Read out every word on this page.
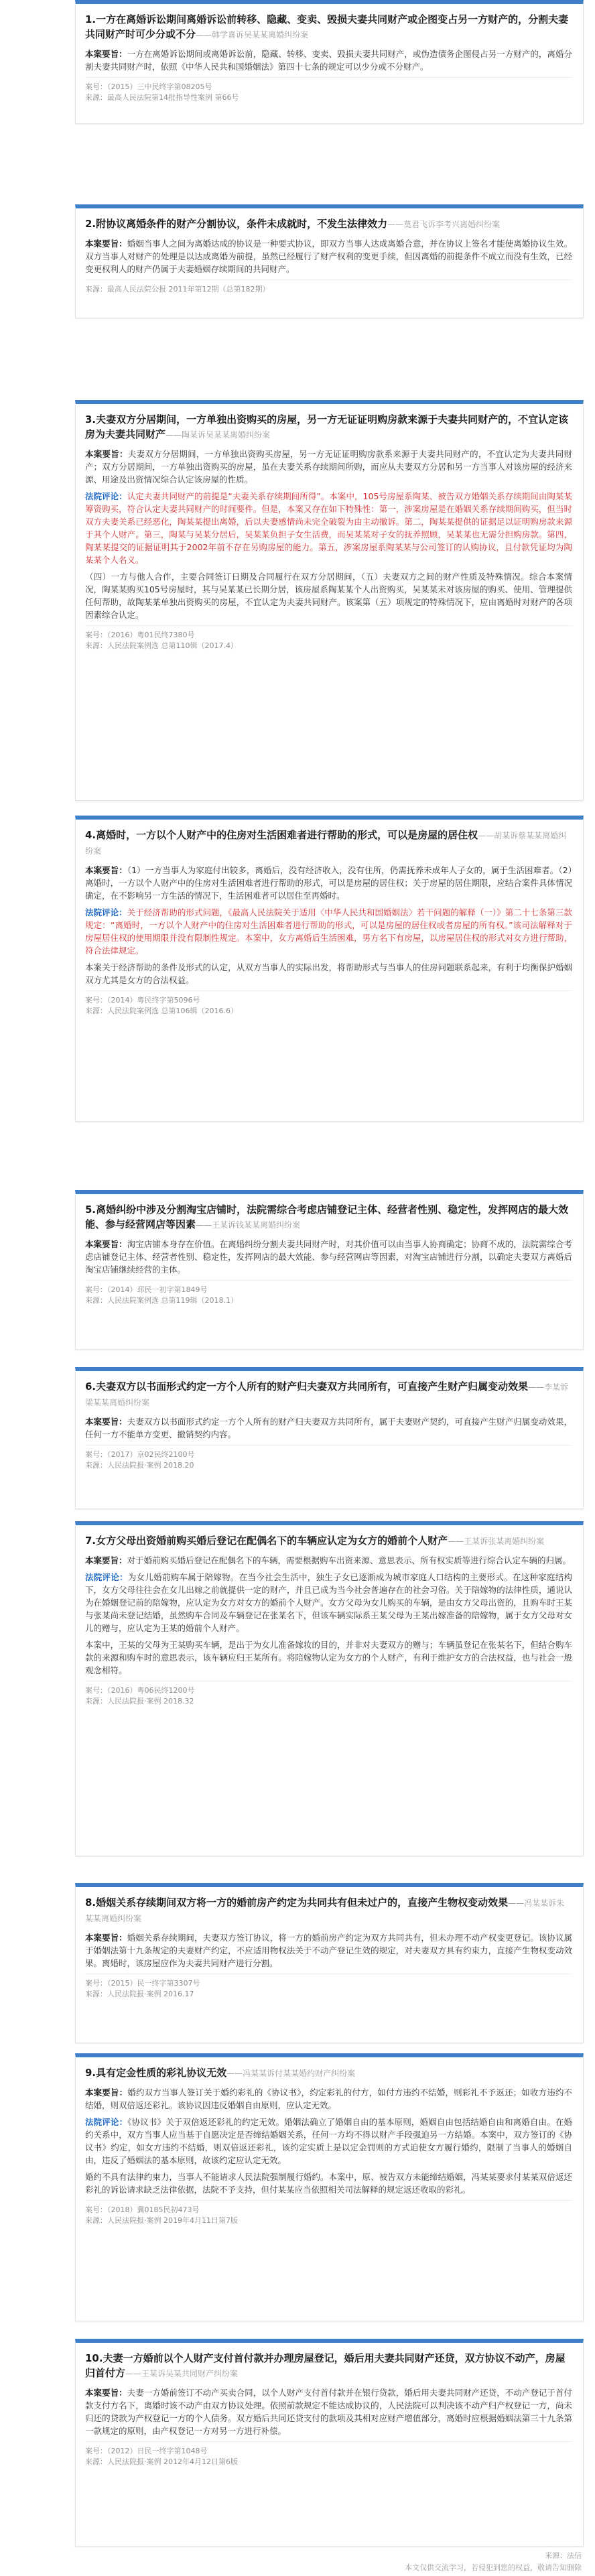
1.一方在离婚诉讼期间离婚诉讼前转移、隐藏、变卖、毁损夫妻共同财产或企图变占另一方财产的，分割夫妻共同财产时可少分或不分——韩学喜诉吴某某离婚纠纷案
本案要旨：一方在离婚诉讼期间或离婚诉讼前，隐藏、转移、变卖、毁损夫妻共同财产，或伪造债务企图侵占另一方财产的，离婚分割夫妻共同财产时，依照《中华人民共和国婚姻法》第四十七条的规定可以少分或不分财产。
案号：（2015）三中民终字第08205号
来源：最高人民法院第14批指导性案例 第66号
2.附协议离婚条件的财产分割协议，条件未成就时，不发生法律效力——莫君飞诉李考兴离婚纠纷案
本案要旨：婚姻当事人之间为离婚达成的协议是一种要式协议，即双方当事人达成离婚合意，并在协议上签名才能使离婚协议生效。双方当事人对财产的处理是以达成离婚为前提，虽然已经履行了财产权利的变更手续，但因离婚的前提条件不成立而没有生效，已经变更权利人的财产仍属于夫妻婚姻存续期间的共同财产。
来源：最高人民法院公报 2011年第12期（总第182期）
3.夫妻双方分居期间，一方单独出资购买的房屋，另一方无证证明购房款来源于夫妻共同财产的，不宜认定该房为夫妻共同财产——陶某诉吴某某离婚纠纷案
本案要旨：夫妻双方分居期间，一方单独出资购买房屋，另一方无证证明购房款系来源于夫妻共同财产的，不宜认定为夫妻共同财产；双方分居期间，一方单独出资购买的房屋，虽在夫妻关系存续期间所购，而应从夫妻双方分居和另一方当事人对该房屋的经济来源、用途及出资情况综合认定该房屋的性质。
法院评论：认定夫妻共同财产的前提是“夫妻关系存续期间所得”。本案中，105号房屋系陶某、被告双方婚姻关系存续期间由陶某某筹资购买，符合认定夫妻共同财产的时间要件。但是，本案又存在如下特殊性：第一，涉案房屋是在婚姻关系存续期间购买，但当时双方夫妻关系已经恶化，陶某某提出离婚，后以夫妻感情尚未完全破裂为由主动撤诉。第二，陶某某提供的证据足以证明购房款来源于其个人财产。第三，陶某与吴某分居后，吴某某负担子女生活费，而吴某某对子女的抚养照顾，吴某某也无需分担购房款。第四，陶某某提交的证据证明其于2002年前不存在另购房屋的能力。第五，涉案房屋系陶某某与公司签订的认购协议，且付款凭证均为陶某某个人名义。
（四）一方与他人合作，主要合同签订日期及合同履行在双方分居期间，（五）夫妻双方之间的财产性质及特殊情况。综合本案情况，陶某某购买105号房屋时，其与吴某某已长期分居，该房屋系陶某某个人出资购买，吴某某未对该房屋的购买、使用、管理提供任何帮助，故陶某某单独出资购买的房屋，不宜认定为夫妻共同财产。该案第（五）项规定的特殊情况下，应由离婚时对财产的各项因素综合认定。
案号：（2016）粤01民终7380号
来源：人民法院案例选 总第110辑（2017.4）
4.离婚时，一方以个人财产中的住房对生活困难者进行帮助的形式，可以是房屋的居住权——胡某诉蔡某某离婚纠纷案
本案要旨：（1）一方当事人为家庭付出较多，离婚后，没有经济收入，没有住所，仍需抚养未成年人子女的，属于生活困难者。（2）离婚时，一方以个人财产中的住房对生活困难者进行帮助的形式，可以是房屋的居住权；关于房屋的居住期限，应结合案件具体情况确定，在不影响另一方生活的情况下，生活困难者可以居住至再婚时。
法院评论：关于经济帮助的形式问题，《最高人民法院关于适用〈中华人民共和国婚姻法〉若干问题的解释（一）》第二十七条第三款规定：“离婚时，一方以个人财产中的住房对生活困难者进行帮助的形式，可以是房屋的居住权或者房屋的所有权。”该司法解释对于房屋居住权的使用期限并没有限制性规定。本案中，女方离婚后生活困难，男方名下有房屋，以房屋居住权的形式对女方进行帮助，符合法律规定。
本案关于经济帮助的条件及形式的认定，从双方当事人的实际出发，将帮助形式与当事人的住房问题联系起来，有利于均衡保护婚姻双方尤其是女方的合法权益。
案号：（2014）粤民终字第5096号
来源：人民法院案例选 总第106辑（2016.6）
5.离婚纠纷中涉及分割淘宝店铺时，法院需综合考虑店铺登记主体、经营者性别、稳定性，发挥网店的最大效能、参与经营网店等因素——王某诉钱某某离婚纠纷案
本案要旨：淘宝店铺本身存在价值。在离婚纠纷分割夫妻共同财产时，对其价值可以由当事人协商确定；协商不成的，法院需综合考虑店铺登记主体、经营者性别、稳定性，发挥网店的最大效能、参与经营网店等因素，对淘宝店铺进行分割，以确定夫妻双方离婚后淘宝店铺继续经营的主体。
案号：（2014）邳民一初字第1849号
来源：人民法院案例选 总第119辑（2018.1）
6.夫妻双方以书面形式约定一方个人所有的财产归夫妻双方共同所有，可直接产生财产归属变动效果——李某诉梁某某离婚纠纷案
本案要旨：夫妻双方以书面形式约定一方个人所有的财产归夫妻双方共同所有，属于夫妻财产契约，可直接产生财产归属变动效果，任何一方不能单方变更、撤销契约内容。
案号：（2017）京02民终2100号
来源：人民法院报·案例 2018.20
7.女方父母出资婚前购买婚后登记在配偶名下的车辆应认定为女方的婚前个人财产——王某诉张某离婚纠纷案
本案要旨：对于婚前购买婚后登记在配偶名下的车辆，需要根据购车出资来源、意思表示、所有权实质等进行综合认定车辆的归属。
法院评论：为女儿婚前购车属于陪嫁物。在当今社会生活中，独生子女已逐渐成为城市家庭人口结构的主要形式。在这种家庭结构下，女方父母往往会在女儿出嫁之前就提供一定的财产，并且已成为当今社会普遍存在的社会习俗。关于陪嫁物的法律性质，通说认为在婚姻登记前的陪嫁物，应认定为女方对女方的婚前个人财产。女方父母为女儿购买的车辆，是由女方父母出资的，且购车时王某与张某尚未登记结婚，虽然购车合同及车辆登记在张某名下，但该车辆实际系王某父母为王某出嫁准备的陪嫁物，属于女方父母对女儿的赠与，应认定为王某的婚前个人财产。
本案中，王某的父母为王某购买车辆，是出于为女儿准备嫁妆的目的，并非对夫妻双方的赠与；车辆虽登记在张某名下，但结合购车款的来源和购车时的意思表示，该车辆应归王某所有。将陪嫁物认定为女方的个人财产，有利于维护女方的合法权益，也与社会一般观念相符。
案号：（2016）粤06民终1200号
来源：人民法院报·案例 2018.32
8.婚姻关系存续期间双方将一方的婚前房产约定为共同共有但未过户的，直接产生物权变动效果——冯某某诉朱某某离婚纠纷案
本案要旨：婚姻关系存续期间，夫妻双方签订协议，将一方的婚前房产约定为双方共同共有，但未办理不动产权变更登记。该协议属于婚姻法第十九条规定的夫妻财产约定，不应适用物权法关于不动产登记生效的规定，对夫妻双方具有约束力，直接产生物权变动效果。离婚时，该房屋应作为夫妻共同财产进行分割。
案号：（2015）民一终字第3307号
来源：人民法院报·案例 2016.17
9.具有定金性质的彩礼协议无效——冯某某诉付某某婚约财产纠纷案
本案要旨：婚约双方当事人签订关于婚约彩礼的《协议书》，约定彩礼的付方，如付方违约不结婚，则彩礼不予返还；如收方违约不结婚，则双倍返还彩礼。该协议因违反婚姻自由原则，应认定无效。
法院评论：《协议书》关于双倍返还彩礼的约定无效。婚姻法确立了婚姻自由的基本原则，婚姻自由包括结婚自由和离婚自由。在婚约关系中，双方当事人应当基于自愿决定是否缔结婚姻关系，任何一方均不得以财产手段强迫另一方结婚。本案中，双方签订的《协议书》约定，如女方违约不结婚，则双倍返还彩礼，该约定实质上是以定金罚则的方式迫使女方履行婚约，限制了当事人的婚姻自由，违反了婚姻法的基本原则，故该约定应认定无效。
婚约不具有法律约束力，当事人不能请求人民法院强制履行婚约。本案中，原、被告双方未能缔结婚姻，冯某某要求付某某双倍返还彩礼的诉讼请求缺乏法律依据，法院不予支持，但付某某应当依照相关司法解释的规定返还收取的彩礼。
案号：（2018）冀0185民初473号
来源：人民法院报·案例 2019年4月11日第7版
10.夫妻一方婚前以个人财产支付首付款并办理房屋登记，婚后用夫妻共同财产还贷，双方协议不动产，房屋归首付方——王某诉吴某共同财产纠纷案
本案要旨：夫妻一方婚前签订不动产买卖合同，以个人财产支付首付款并在银行贷款，婚后用夫妻共同财产还贷，不动产登记于首付款支付方名下，离婚时该不动产由双方协议处理。依照前款规定不能达成协议的，人民法院可以判决该不动产归产权登记一方，尚未归还的贷款为产权登记一方的个人债务。双方婚后共同还贷支付的款项及其相对应财产增值部分，离婚时应根据婚姻法第三十九条第一款规定的原则，由产权登记一方对另一方进行补偿。
案号：（2012）日民一终字第1048号
来源：人民法院报·案例 2012年4月12日第6版
来源：法信
本文仅供交流学习，若侵犯到您的权益，敬请告知删除
